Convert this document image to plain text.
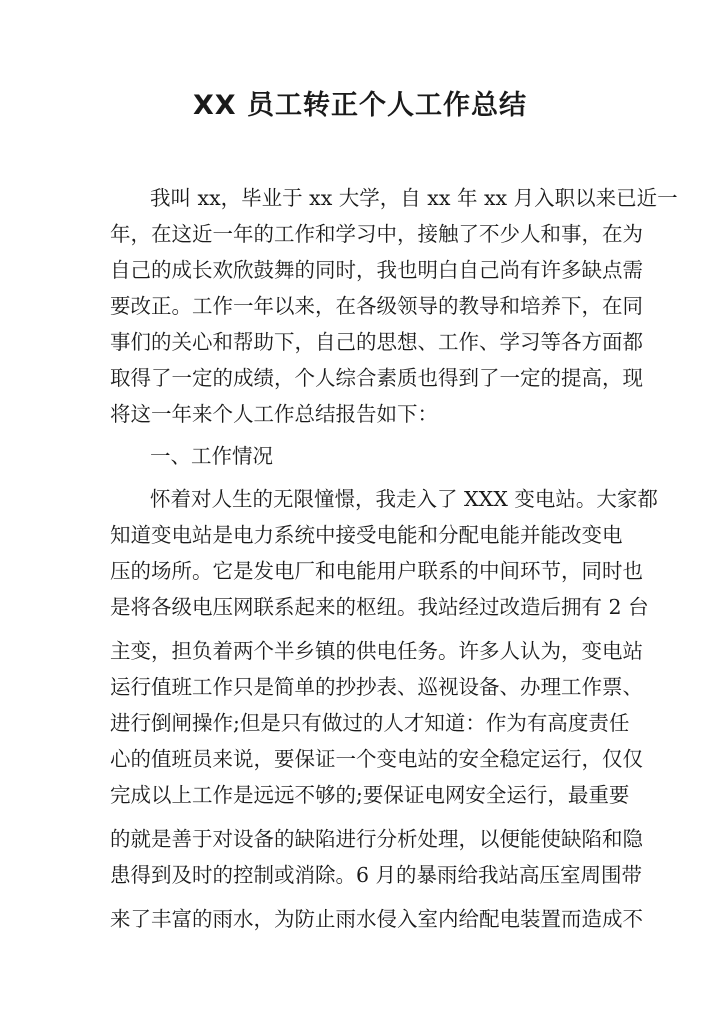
XX 员工转正个人工作总结
我叫 xx，毕业于 xx 大学，自 xx 年 xx 月入职以来已近一
年，在这近一年的工作和学习中，接触了不少人和事，在为
自己的成长欢欣鼓舞的同时，我也明白自己尚有许多缺点需
要改正。工作一年以来，在各级领导的教导和培养下，在同
事们的关心和帮助下，自己的思想、工作、学习等各方面都
取得了一定的成绩，个人综合素质也得到了一定的提高，现
将这一年来个人工作总结报告如下：
一、工作情况
怀着对人生的无限憧憬，我走入了 XXX 变电站。大家都
知道变电站是电力系统中接受电能和分配电能并能改变电
压的场所。它是发电厂和电能用户联系的中间环节，同时也
是将各级电压网联系起来的枢纽。我站经过改造后拥有 2 台
主变，担负着两个半乡镇的供电任务。许多人认为，变电站
运行值班工作只是简单的抄抄表、巡视设备、办理工作票、
进行倒闸操作;但是只有做过的人才知道：作为有高度责任
心的值班员来说，要保证一个变电站的安全稳定运行，仅仅
完成以上工作是远远不够的;要保证电网安全运行，最重要
的就是善于对设备的缺陷进行分析处理，以便能使缺陷和隐
患得到及时的控制或消除。6 月的暴雨给我站高压室周围带
来了丰富的雨水，为防止雨水侵入室内给配电装置而造成不
